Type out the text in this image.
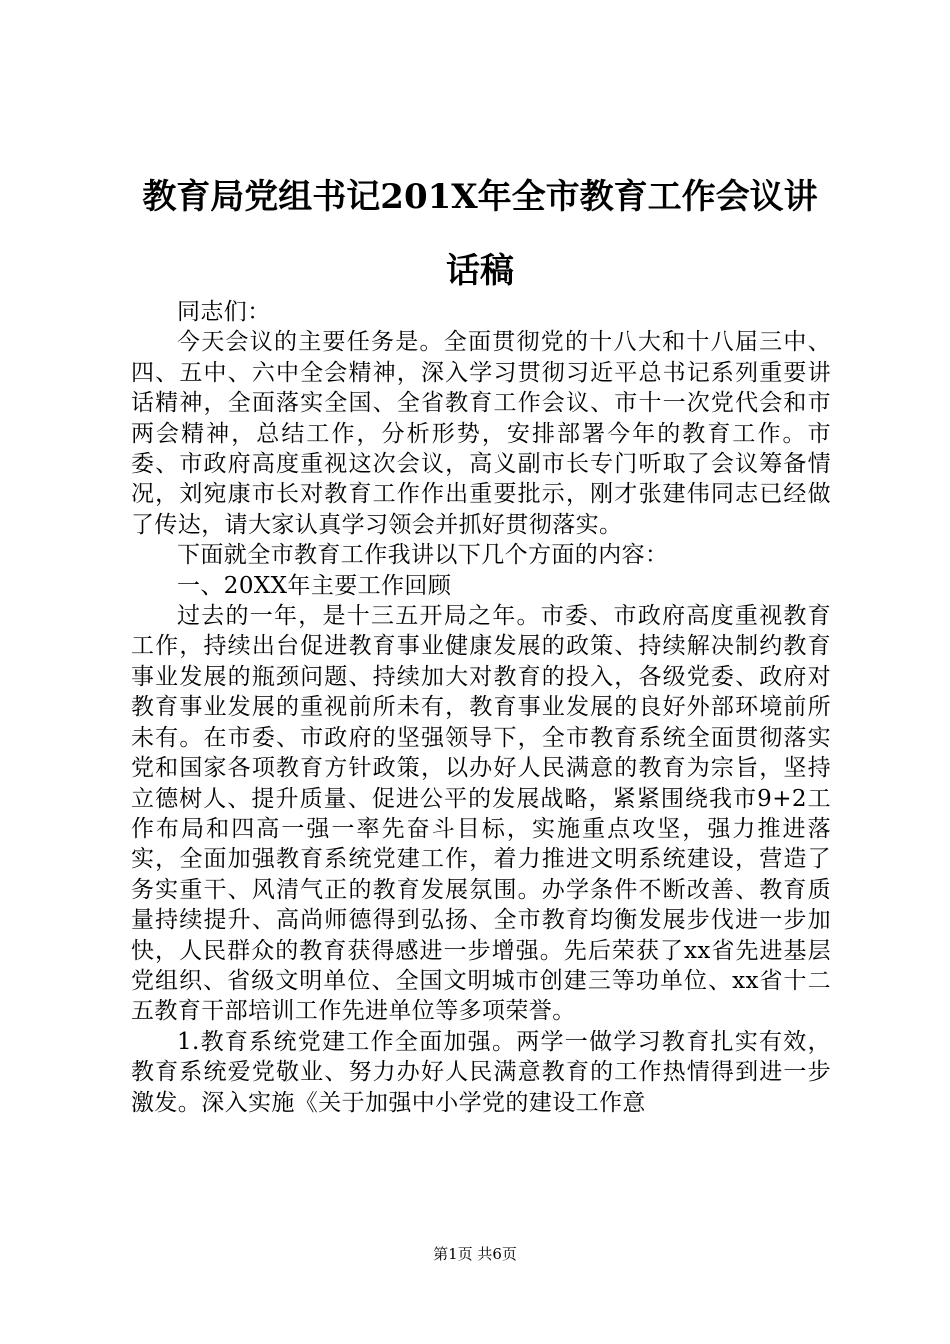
教育局党组书记201X年全市教育工作会议讲话稿

同志们：

今天会议的主要任务是。全面贯彻党的十八大和十八届三中、四、五中、六中全会精神，深入学习贯彻习近平总书记系列重要讲话精神，全面落实全国、全省教育工作会议、市十一次党代会和市两会精神，总结工作，分析形势，安排部署今年的教育工作。市委、市政府高度重视这次会议，高义副市长专门听取了会议筹备情况，刘宛康市长对教育工作作出重要批示，刚才张建伟同志已经做了传达，请大家认真学习领会并抓好贯彻落实。

下面就全市教育工作我讲以下几个方面的内容：

一、20XX年主要工作回顾

过去的一年，是十三五开局之年。市委、市政府高度重视教育工作，持续出台促进教育事业健康发展的政策、持续解决制约教育事业发展的瓶颈问题、持续加大对教育的投入，各级党委、政府对教育事业发展的重视前所未有，教育事业发展的良好外部环境前所未有。在市委、市政府的坚强领导下，全市教育系统全面贯彻落实党和国家各项教育方针政策，以办好人民满意的教育为宗旨，坚持立德树人、提升质量、促进公平的发展战略，紧紧围绕我市9+2工作布局和四高一强一率先奋斗目标，实施重点攻坚，强力推进落实，全面加强教育系统党建工作，着力推进文明系统建设，营造了务实重干、风清气正的教育发展氛围。办学条件不断改善、教育质量持续提升、高尚师德得到弘扬、全市教育均衡发展步伐进一步加快，人民群众的教育获得感进一步增强。先后荣获了xx省先进基层党组织、省级文明单位、全国文明城市创建三等功单位、xx省十二五教育干部培训工作先进单位等多项荣誉。

1.教育系统党建工作全面加强。两学一做学习教育扎实有效，教育系统爱党敬业、努力办好人民满意教育的工作热情得到进一步激发。深入实施《关于加强中小学党的建设工作意

第1页 共6页
